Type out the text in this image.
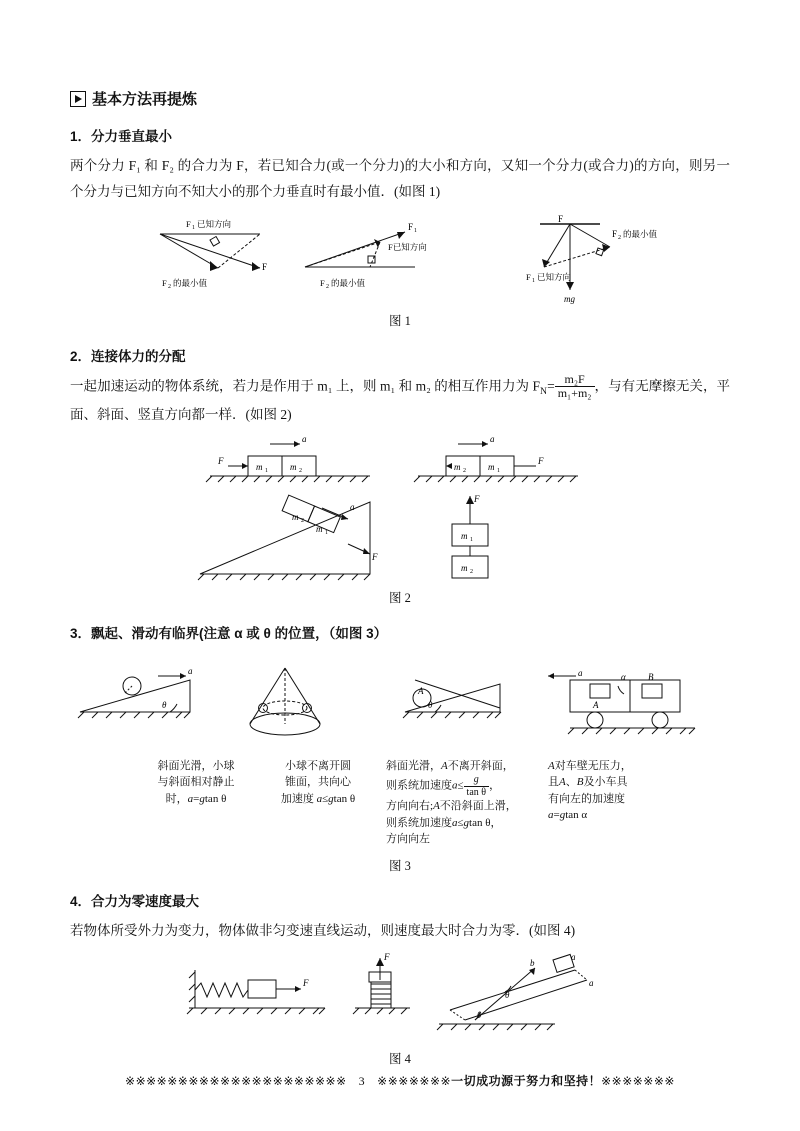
基本方法再提炼
1．分力垂直最小

两个分力 F₁ 和 F₂ 的合力为 F，若已知合力(或一个分力)的大小和方向，又知一个分力(或合力)的方向，则另一个分力与已知方向不知大小的那个力垂直时有最小值．(如图 1)

F 1 已知方向
F
F 2 的最小值
F 1
F已知方向
F 2 的最小值
F
F 2 的最小值
F 1 已知方向
mg
图 1
2．连接体力的分配

一起加速运动的物体系统，若力是作用于 m₁ 上，则 m₁ 和 m₂ 的相互作用力为 $F_N= \frac{\text{m₂F}}{\text{m₁+m₂}}$ ，与有无摩擦无关，平面、斜面、竖直方向都一样．(如图 2)

F
a
m 1 m 2
a
F
m 2 m 1
m 2
m 1
a
F
F
m 1
m 2
图 2
3．飘起、滑动有临界(注意 α 或 θ 的位置，（如图 3）
a
θ
A
θ
a	α B
A
斜面光滑，小球
与斜面相对静止
时，a=gtan θ
小球不离开圆
锥面，共向心
加速度 a≤gtan θ
斜面光滑，A不离开斜面，
则系统加速度$a\le \frac{g}{\text{tan θ}}$ ，
方向向右;A不沿斜面上滑，
则系统加速度a≤gtan θ，
方向向左
A对车壁无压力，
且A、B及小车具
有向左的加速度
a=gtan α
图 3
4．合力为零速度最大

若物体所受外力为变力，物体做非匀变速直线运动，则速度最大时合力为零．(如图 4)

F
F
b
a
θ
θ
a
图 4
※※※※※※※※※※※※※※※※※※※※※ 3 ※※※※※※※一切成功源于努力和坚持！※※※※※※※
